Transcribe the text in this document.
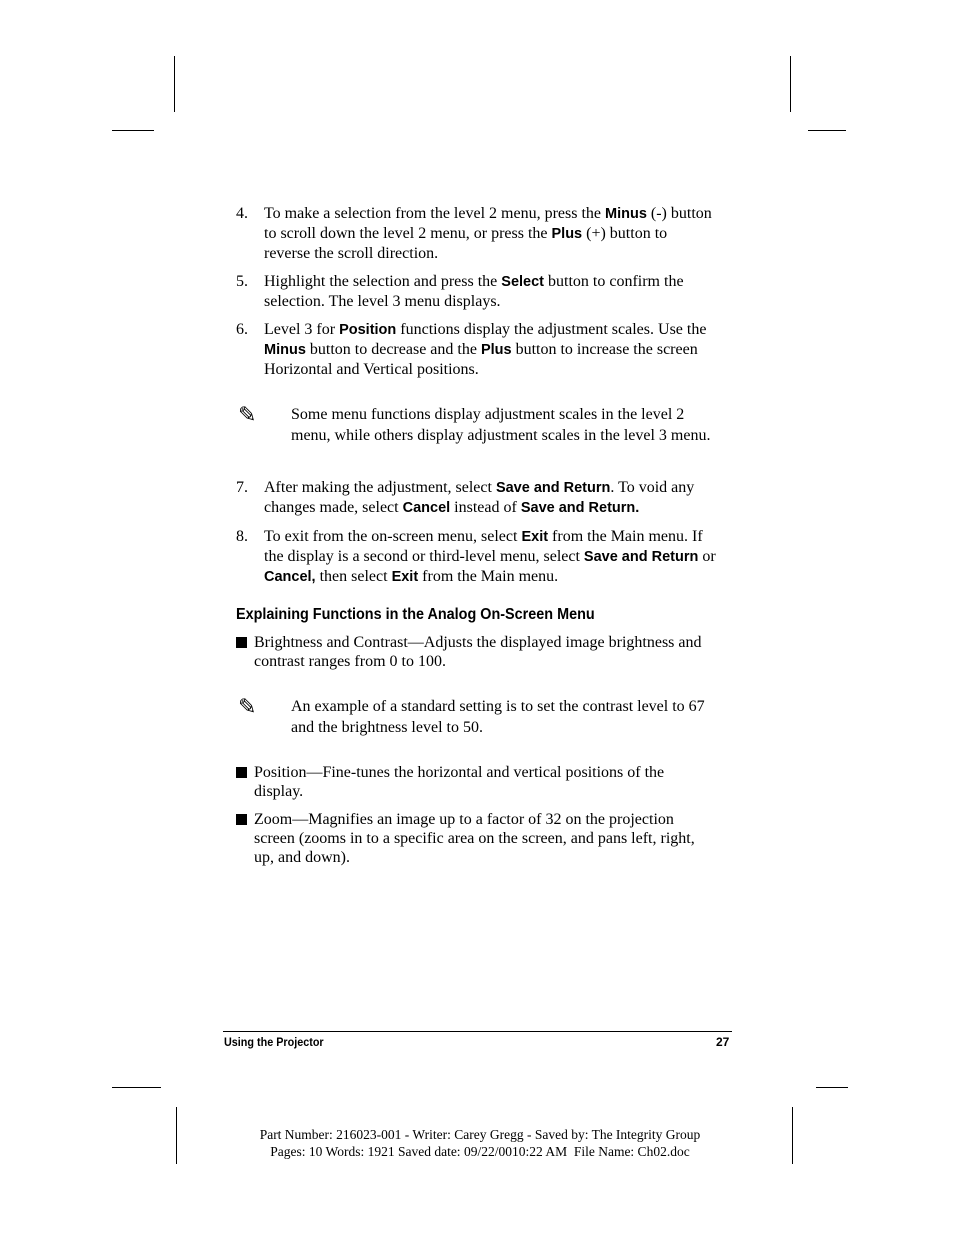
4. To make a selection from the level 2 menu, press the Minus (-) button to scroll down the level 2 menu, or press the Plus (+) button to reverse the scroll direction.
5. Highlight the selection and press the Select button to confirm the selection. The level 3 menu displays.
6. Level 3 for Position functions display the adjustment scales. Use the Minus button to decrease and the Plus button to increase the screen Horizontal and Vertical positions.
✎ Some menu functions display adjustment scales in the level 2 menu, while others display adjustment scales in the level 3 menu.
7. After making the adjustment, select Save and Return. To void any changes made, select Cancel instead of Save and Return.
8. To exit from the on-screen menu, select Exit from the Main menu. If the display is a second or third-level menu, select Save and Return or Cancel, then select Exit from the Main menu.
Explaining Functions in the Analog On-Screen Menu
Brightness and Contrast—Adjusts the displayed image brightness and contrast ranges from 0 to 100.
✎ An example of a standard setting is to set the contrast level to 67 and the brightness level to 50.
Position—Fine-tunes the horizontal and vertical positions of the display.
Zoom—Magnifies an image up to a factor of 32 on the projection screen (zooms in to a specific area on the screen, and pans left, right, up, and down).
Using the Projector	27
Part Number: 216023-001 - Writer: Carey Gregg - Saved by: The Integrity Group
Pages: 10 Words: 1921 Saved date: 09/22/0010:22 AM  File Name: Ch02.doc
